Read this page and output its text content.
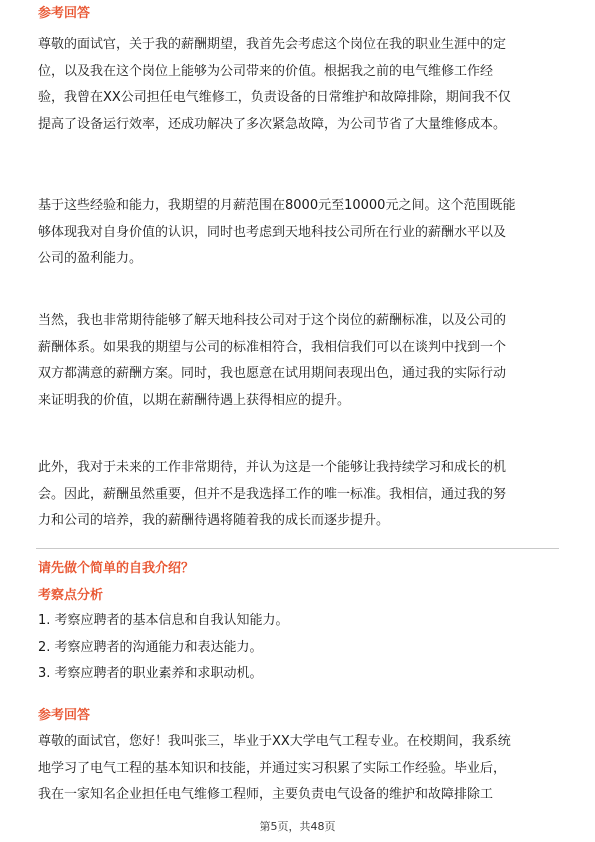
参考回答

尊敬的面试官，关于我的薪酬期望，我首先会考虑这个岗位在我的职业生涯中的定

位，以及我在这个岗位上能够为公司带来的价值。根据我之前的电气维修工作经

验，我曾在XX公司担任电气维修工，负责设备的日常维护和故障排除，期间我不仅

提高了设备运行效率，还成功解决了多次紧急故障，为公司节省了大量维修成本。

基于这些经验和能力，我期望的月薪范围在8000元至10000元之间。这个范围既能

够体现我对自身价值的认识，同时也考虑到天地科技公司所在行业的薪酬水平以及

公司的盈利能力。

当然，我也非常期待能够了解天地科技公司对于这个岗位的薪酬标准，以及公司的

薪酬体系。如果我的期望与公司的标准相符合，我相信我们可以在谈判中找到一个

双方都满意的薪酬方案。同时，我也愿意在试用期间表现出色，通过我的实际行动

来证明我的价值，以期在薪酬待遇上获得相应的提升。

此外，我对于未来的工作非常期待，并认为这是一个能够让我持续学习和成长的机

会。因此，薪酬虽然重要，但并不是我选择工作的唯一标准。我相信，通过我的努

力和公司的培养，我的薪酬待遇将随着我的成长而逐步提升。

请先做个简单的自我介绍？
考察点分析
1. 考察应聘者的基本信息和自我认知能力。
2. 考察应聘者的沟通能力和表达能力。
3. 考察应聘者的职业素养和求职动机。
参考回答

尊敬的面试官，您好！我叫张三，毕业于XX大学电气工程专业。在校期间，我系统

地学习了电气工程的基本知识和技能，并通过实习积累了实际工作经验。毕业后，

我在一家知名企业担任电气维修工程师，主要负责电气设备的维护和故障排除工

第5页，共48页
